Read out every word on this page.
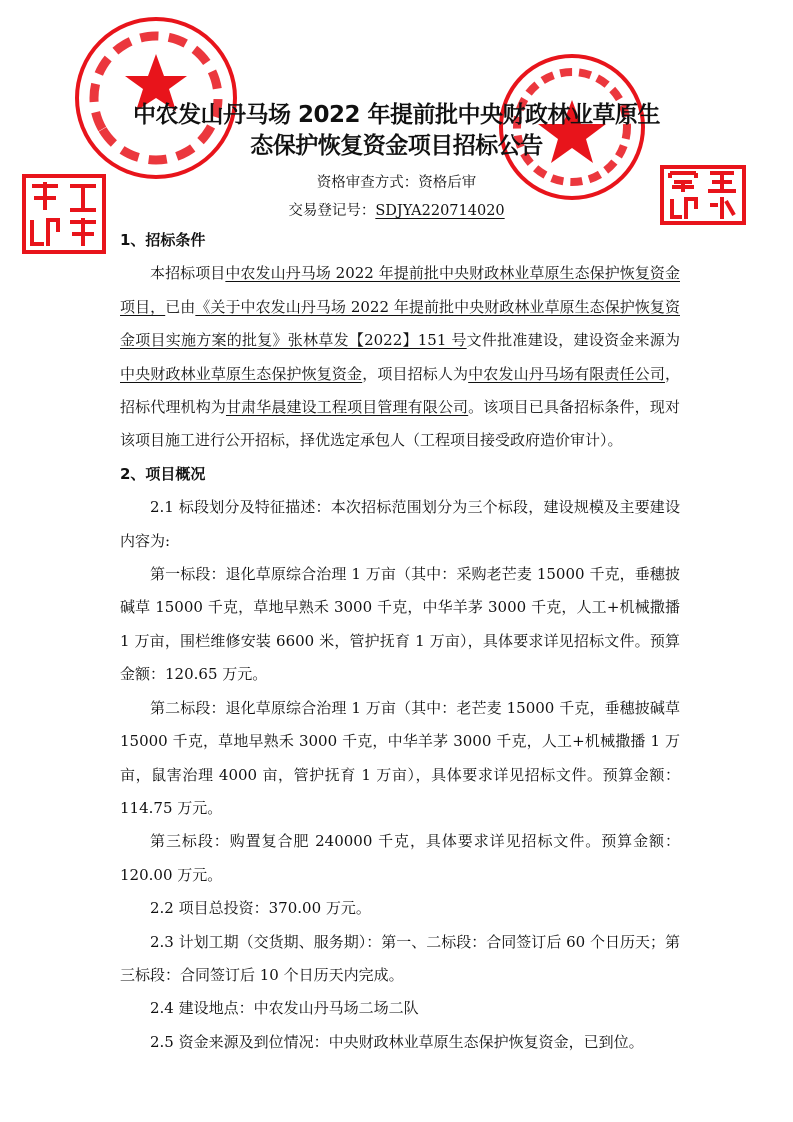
中农发山丹马场 2022 年提前批中央财政林业草原生
态保护恢复资金项目招标公告
资格审查方式：资格后审
交易登记号：SDJYA220714020
1、招标条件

本招标项目中农发山丹马场 2022 年提前批中央财政林业草原生态保护恢复资金项目，已由《关于中农发山丹马场 2022 年提前批中央财政林业草原生态保护恢复资金项目实施方案的批复》张林草发【2022】151 号文件批准建设，建设资金来源为中央财政林业草原生态保护恢复资金，项目招标人为中农发山丹马场有限责任公司，招标代理机构为甘肃华晨建设工程项目管理有限公司。该项目已具备招标条件，现对该项目施工进行公开招标，择优选定承包人（工程项目接受政府造价审计）。

2、项目概况

2.1 标段划分及特征描述：本次招标范围划分为三个标段，建设规模及主要建设内容为:

第一标段：退化草原综合治理 1 万亩（其中：采购老芒麦 15000 千克，垂穗披碱草 15000 千克，草地早熟禾 3000 千克，中华羊茅 3000 千克，人工+机械撒播 1 万亩，围栏维修安装 6600 米，管护抚育 1 万亩），具体要求详见招标文件。预算金额：120.65 万元。

第二标段：退化草原综合治理 1 万亩（其中：老芒麦 15000 千克，垂穗披碱草 15000 千克，草地早熟禾 3000 千克，中华羊茅 3000 千克，人工+机械撒播 1 万亩，鼠害治理 4000 亩，管护抚育 1 万亩），具体要求详见招标文件。预算金额：114.75 万元。

第三标段：购置复合肥 240000 千克，具体要求详见招标文件。预算金额：120.00 万元。

2.2 项目总投资：370.00 万元。

2.3 计划工期（交货期、服务期）：第一、二标段：合同签订后 60 个日历天；第三标段：合同签订后 10 个日历天内完成。

2.4 建设地点：中农发山丹马场二场二队

2.5 资金来源及到位情况：中央财政林业草原生态保护恢复资金，已到位。
